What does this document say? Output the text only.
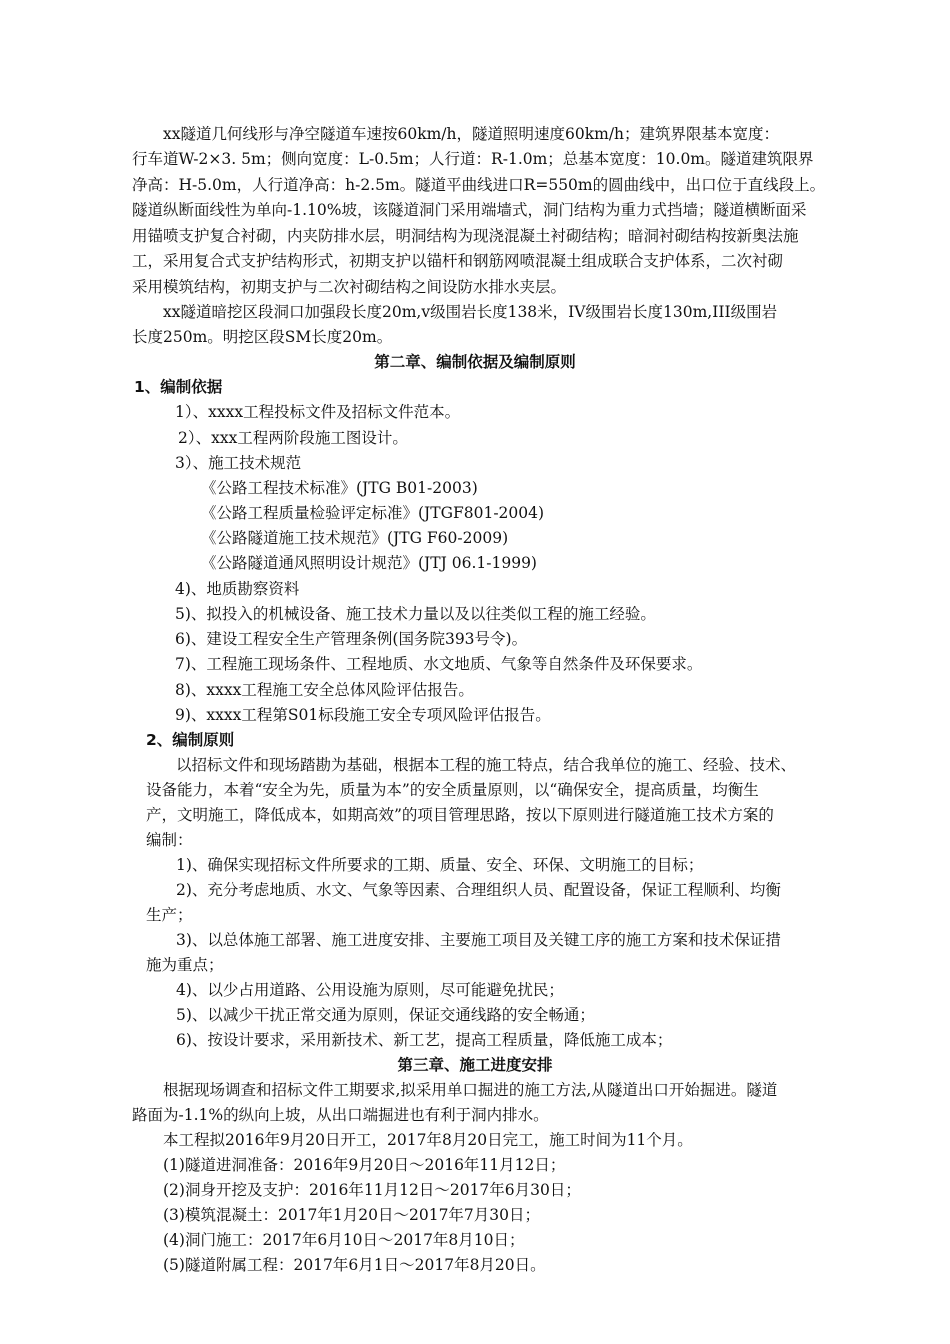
xx隧道几何线形与净空隧道车速按60km/h，隧道照明速度60km/h；建筑界限基本宽度：
行车道W-2×3. 5m；侧向宽度：L-0.5m；人行道：R-1.0m；总基本宽度：10.0m。隧道建筑限界
净高：H-5.0m，人行道净高：h-2.5m。隧道平曲线进口R=550m的圆曲线中，出口位于直线段上。
隧道纵断面线性为单向-1.10%坡，该隧道洞门采用端墙式，洞门结构为重力式挡墙；隧道横断面采
用锚喷支护复合衬砌，内夹防排水层，明洞结构为现浇混凝土衬砌结构；暗洞衬砌结构按新奥法施
工，采用复合式支护结构形式，初期支护以锚杆和钢筋网喷混凝土组成联合支护体系，二次衬砌
采用模筑结构，初期支护与二次衬砌结构之间设防水排水夹层。
xx隧道暗挖区段洞口加强段长度20m,v级围岩长度138米，IV级围岩长度130m,III级围岩
长度250m。明挖区段SM长度20m。
第二章、编制依据及编制原则
1、编制依据
1）、xxxx工程投标文件及招标文件范本。
2）、xxx工程两阶段施工图设计。
3）、施工技术规范
《公路工程技术标准》(JTG B01-2003)
《公路工程质量检验评定标准》(JTGF801-2004)
《公路隧道施工技术规范》(JTG F60-2009)
《公路隧道通风照明设计规范》(JTJ 06.1-1999)
4)、地质勘察资料
5)、拟投入的机械设备、施工技术力量以及以往类似工程的施工经验。
6)、建设工程安全生产管理条例(国务院393号令)。
7)、工程施工现场条件、工程地质、水文地质、气象等自然条件及环保要求。
8)、xxxx工程施工安全总体风险评估报告。
9)、xxxx工程第S01标段施工安全专项风险评估报告。
2、编制原则
以招标文件和现场踏勘为基础，根据本工程的施工特点，结合我单位的施工、经验、技术、
设备能力，本着“安全为先，质量为本”的安全质量原则，以“确保安全，提高质量，均衡生
产，文明施工，降低成本，如期高效”的项目管理思路，按以下原则进行隧道施工技术方案的
编制：
1)、确保实现招标文件所要求的工期、质量、安全、环保、文明施工的目标；
2)、充分考虑地质、水文、气象等因素、合理组织人员、配置设备，保证工程顺利、均衡
生产；
3)、以总体施工部署、施工进度安排、主要施工项目及关键工序的施工方案和技术保证措
施为重点；
4)、以少占用道路、公用设施为原则，尽可能避免扰民；
5)、以减少干扰正常交通为原则，保证交通线路的安全畅通；
6)、按设计要求，采用新技术、新工艺，提高工程质量，降低施工成本；
第三章、施工进度安排
根据现场调查和招标文件工期要求,拟采用单口掘进的施工方法,从隧道出口开始掘进。隧道
路面为-1.1%的纵向上坡，从出口端掘进也有利于洞内排水。
本工程拟2016年9月20日开工，2017年8月20日完工，施工时间为11个月。
(1)隧道进洞准备：2016年9月20日～2016年11月12日；
(2)洞身开挖及支护：2016年11月12日～2017年6月30日；
(3)模筑混凝土：2017年1月20日～2017年7月30日；
(4)洞门施工：2017年6月10日～2017年8月10日；
(5)隧道附属工程：2017年6月1日～2017年8月20日。
